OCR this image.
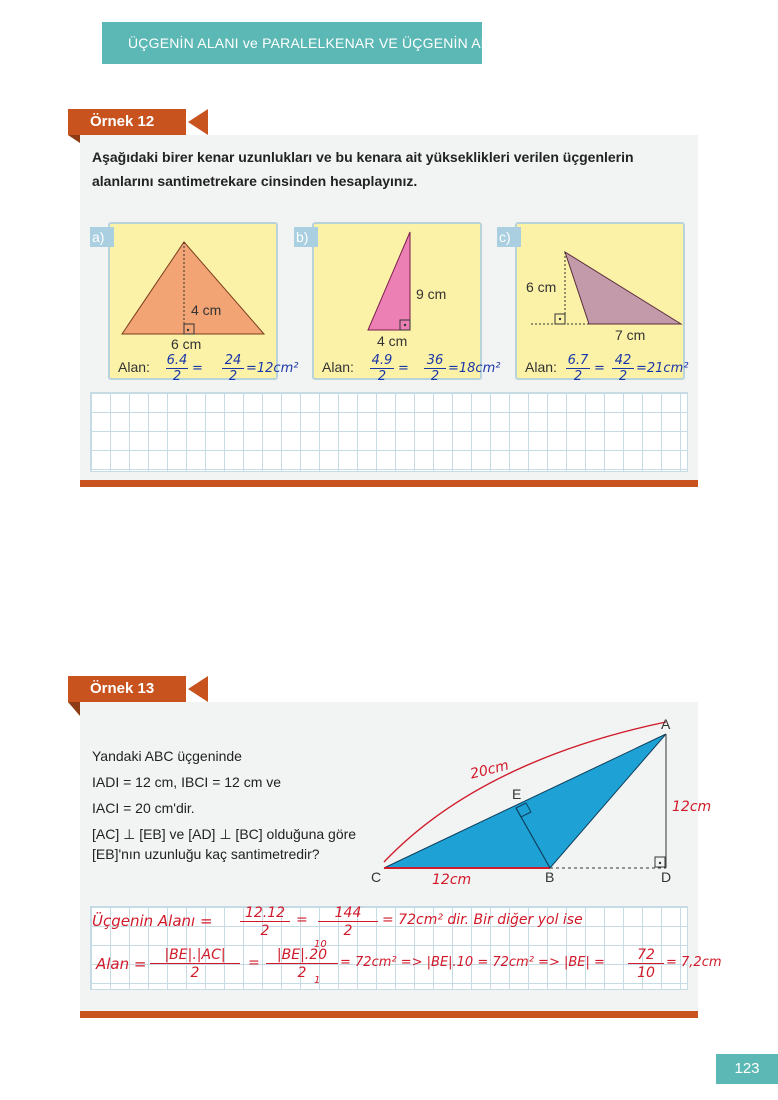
ÜÇGENİN ALANI ve PARALELKENAR VE ÜÇGENİN ALANI
Örnek 12
Aşağıdaki birer kenar uzunlukları ve bu kenara ait yükseklikleri verilen üçgenlerin
alanlarını santimetrekare cinsinden hesaplayınız.
a)
4 cm
6 cm
Alan: 6.4
2
=
24
2
=12cm²
b)
9 cm
4 cm
Alan: 4.9
2
=
36
2
=18cm²
c)
6 cm
7 cm
Alan: 6.7
2
=
42
2
=21cm²
Örnek 13
Yandaki ABC üçgeninde
IADI = 12 cm, IBCI = 12 cm ve
IACI = 20 cm'dir.
[AC] ⊥ [EB] ve [AD] ⊥ [BC] olduğuna göre
[EB]'nın uzunluğu kaç santimetredir?
A
E
C	B	D
20cm
12cm
12cm
Üçgenin Alanı =	12.12
2
=	144
2
= 72cm² dir. Bir diğer yol ise
Alan =	|BE|.|AC|
2
=
10
|BE|.20
2 1
= 72cm² => |BE|.10 = 72cm² => |BE| =	72
10
= 7,2cm
123
